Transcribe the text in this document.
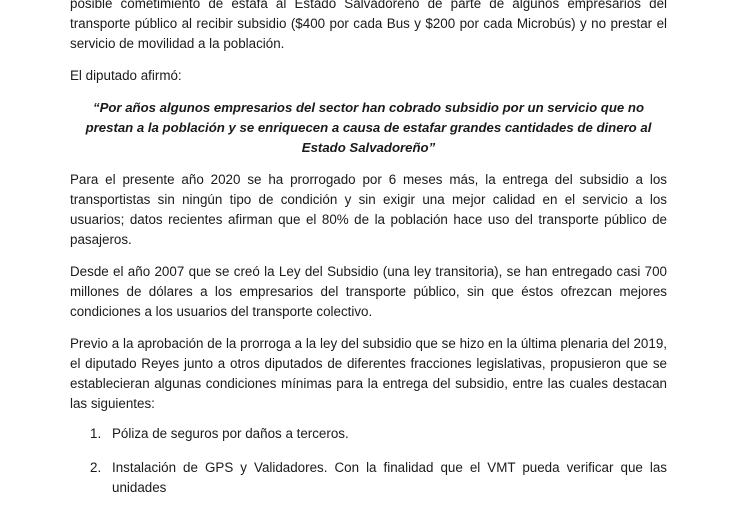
posible cometimiento de estafa al Estado Salvadoreño de parte de algunos empresarios del transporte público al recibir subsidio ($400 por cada Bus y $200 por cada Microbús) y no prestar el servicio de movilidad a la población.

El diputado afirmó:

“Por años algunos empresarios del sector han cobrado subsidio por un servicio que no prestan a la población y se enriquecen a causa de estafar grandes cantidades de dinero al Estado Salvadoreño”

Para el presente año 2020 se ha prorrogado por 6 meses más, la entrega del subsidio a los transportistas sin ningún tipo de condición y sin exigir una mejor calidad en el servicio a los usuarios; datos recientes afirman que el 80% de la población hace uso del transporte público de pasajeros.

Desde el año 2007 que se creó la Ley del Subsidio (una ley transitoria), se han entregado casi 700 millones de dólares a los empresarios del transporte público, sin que éstos ofrezcan mejores condiciones a los usuarios del transporte colectivo.

Previo a la aprobación de la prorroga a la ley del subsidio que se hizo en la última plenaria del 2019, el diputado Reyes junto a otros diputados de diferentes fracciones legislativas, propusieron que se establecieran algunas condiciones mínimas para la entrega del subsidio, entre las cuales destacan las siguientes:

1. Póliza de seguros por daños a terceros.
2. Instalación de GPS y Validadores. Con la finalidad que el VMT pueda verificar que las unidades
